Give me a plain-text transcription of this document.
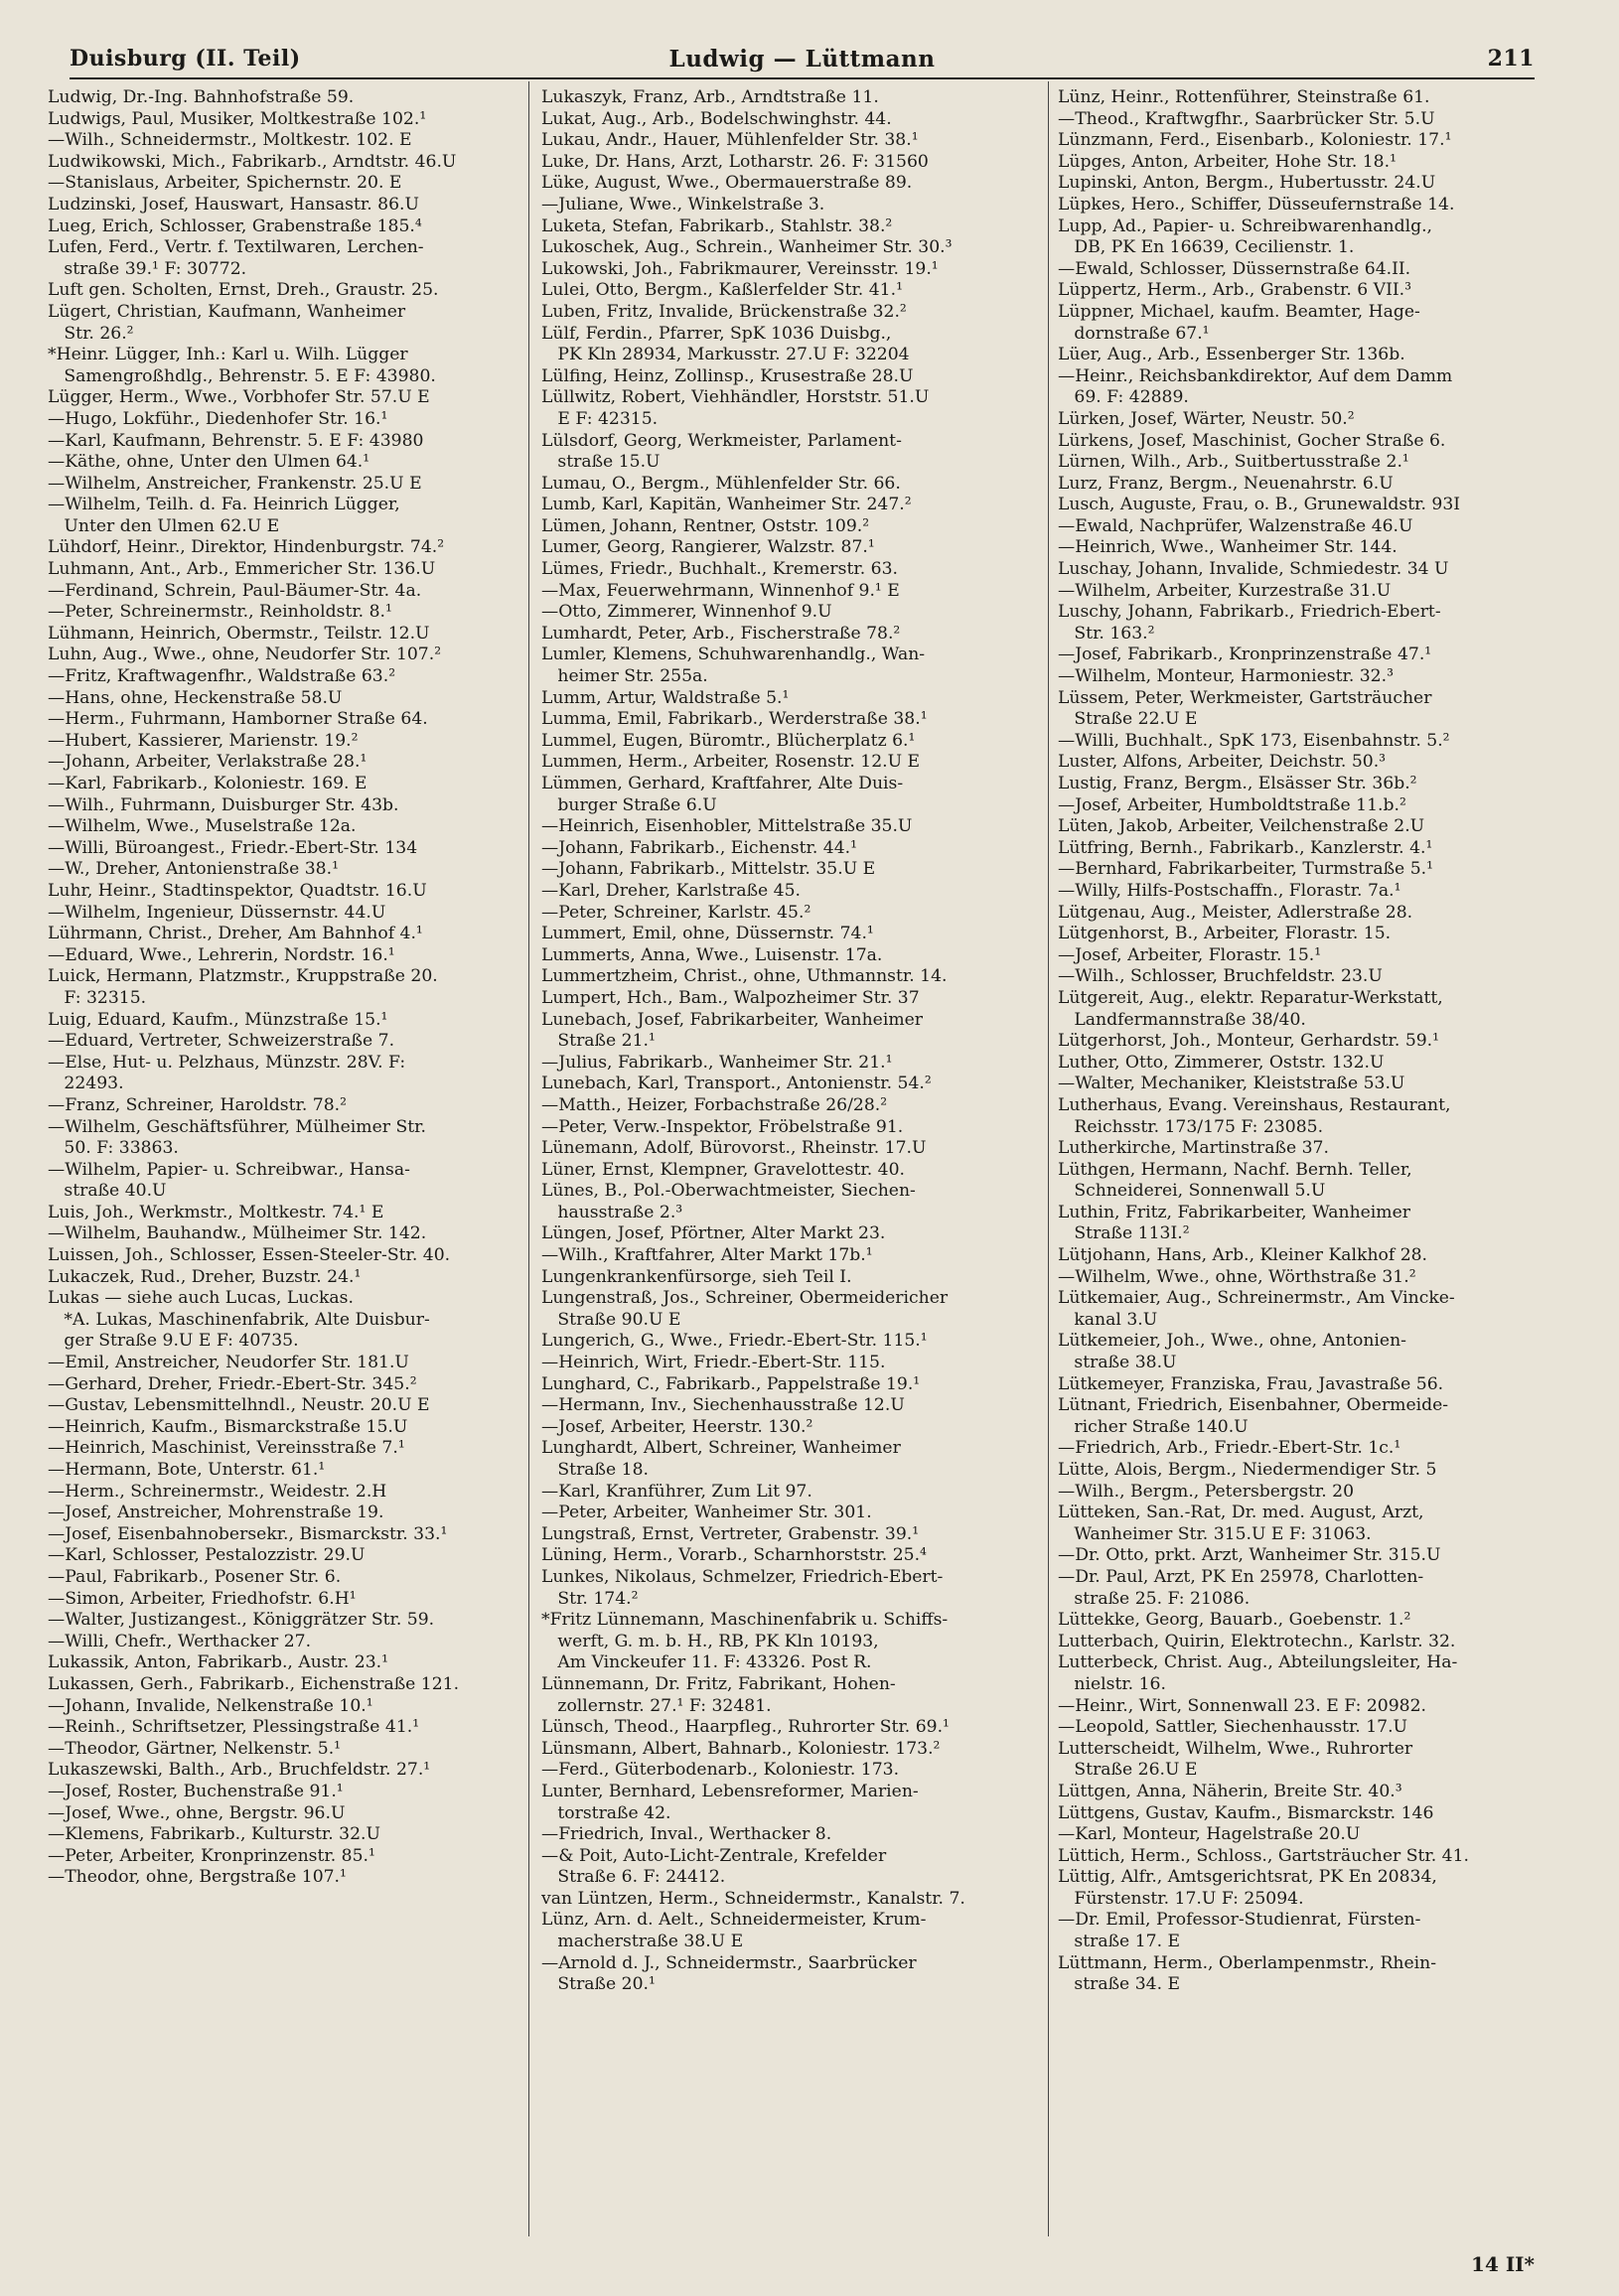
Duisburg (II. Teil)	Ludwig — Lüttmann	211
Ludwig, Dr.-Ing. Bahnhofstraße 59.
Ludwigs, Paul, Musiker, Moltkestraße 102.¹
—Wilh., Schneidermstr., Moltkestr. 102. E
Ludwikowski, Mich., Fabrikarb., Arndtstr. 46.U
—Stanislaus, Arbeiter, Spichernstr. 20. E
Ludzinski, Josef, Hauswart, Hansastr. 86.U
Lueg, Erich, Schlosser, Grabenstraße 185.⁴
Lufen, Ferd., Vertr. f. Textilwaren, Lerchen-
straße 39.¹ F: 30772.
Luft gen. Scholten, Ernst, Dreh., Graustr. 25.
Lügert, Christian, Kaufmann, Wanheimer
Str. 26.²
*Heinr. Lügger, Inh.: Karl u. Wilh. Lügger
Samengroßhdlg., Behrenstr. 5. E F: 43980.
Lügger, Herm., Wwe., Vorbhofer Str. 57.U E
—Hugo, Lokführ., Diedenhofer Str. 16.¹
—Karl, Kaufmann, Behrenstr. 5. E F: 43980
—Käthe, ohne, Unter den Ulmen 64.¹
—Wilhelm, Anstreicher, Frankenstr. 25.U E
—Wilhelm, Teilh. d. Fa. Heinrich Lügger,
Unter den Ulmen 62.U E
Lühdorf, Heinr., Direktor, Hindenburgstr. 74.²
Luhmann, Ant., Arb., Emmericher Str. 136.U
—Ferdinand, Schrein, Paul-Bäumer-Str. 4a.
—Peter, Schreinermstr., Reinholdstr. 8.¹
Lühmann, Heinrich, Obermstr., Teilstr. 12.U
Luhn, Aug., Wwe., ohne, Neudorfer Str. 107.²
—Fritz, Kraftwagenfhr., Waldstraße 63.²
—Hans, ohne, Heckenstraße 58.U
—Herm., Fuhrmann, Hamborner Straße 64.
—Hubert, Kassierer, Marienstr. 19.²
—Johann, Arbeiter, Verlakstraße 28.¹
—Karl, Fabrikarb., Koloniestr. 169. E
—Wilh., Fuhrmann, Duisburger Str. 43b.
—Wilhelm, Wwe., Muselstraße 12a.
—Willi, Büroangest., Friedr.-Ebert-Str. 134
—W., Dreher, Antonienstraße 38.¹
Luhr, Heinr., Stadtinspektor, Quadtstr. 16.U
—Wilhelm, Ingenieur, Düssernstr. 44.U
Lührmann, Christ., Dreher, Am Bahnhof 4.¹
—Eduard, Wwe., Lehrerin, Nordstr. 16.¹
Luick, Hermann, Platzmstr., Kruppstraße 20.
F: 32315.
Luig, Eduard, Kaufm., Münzstraße 15.¹
—Eduard, Vertreter, Schweizerstraße 7.
—Else, Hut- u. Pelzhaus, Münzstr. 28V. F:
22493.
—Franz, Schreiner, Haroldstr. 78.²
—Wilhelm, Geschäftsführer, Mülheimer Str.
50. F: 33863.
—Wilhelm, Papier- u. Schreibwar., Hansa-
straße 40.U
Luis, Joh., Werkmstr., Moltkestr. 74.¹ E
—Wilhelm, Bauhandw., Mülheimer Str. 142.
Luissen, Joh., Schlosser, Essen-Steeler-Str. 40.
Lukaczek, Rud., Dreher, Buzstr. 24.¹
Lukas — siehe auch Lucas, Luckas.
*A. Lukas, Maschinenfabrik, Alte Duisbur-
ger Straße 9.U E F: 40735.
—Emil, Anstreicher, Neudorfer Str. 181.U
—Gerhard, Dreher, Friedr.-Ebert-Str. 345.²
—Gustav, Lebensmittelhndl., Neustr. 20.U E
—Heinrich, Kaufm., Bismarckstraße 15.U
—Heinrich, Maschinist, Vereinsstraße 7.¹
—Hermann, Bote, Unterstr. 61.¹
—Herm., Schreinermstr., Weidestr. 2.H
—Josef, Anstreicher, Mohrenstraße 19.
—Josef, Eisenbahnobersekr., Bismarckstr. 33.¹
—Karl, Schlosser, Pestalozzistr. 29.U
—Paul, Fabrikarb., Posener Str. 6.
—Simon, Arbeiter, Friedhofstr. 6.H¹
—Walter, Justizangest., Königgrätzer Str. 59.
—Willi, Chefr., Werthacker 27.
Lukassik, Anton, Fabrikarb., Austr. 23.¹
Lukassen, Gerh., Fabrikarb., Eichenstraße 121.
—Johann, Invalide, Nelkenstraße 10.¹
—Reinh., Schriftsetzer, Plessingstraße 41.¹
—Theodor, Gärtner, Nelkenstr. 5.¹
Lukaszewski, Balth., Arb., Bruchfeldstr. 27.¹
—Josef, Roster, Buchenstraße 91.¹
—Josef, Wwe., ohne, Bergstr. 96.U
—Klemens, Fabrikarb., Kulturstr. 32.U
—Peter, Arbeiter, Kronprinzenstr. 85.¹
—Theodor, ohne, Bergstraße 107.¹
Lukaszyk, Franz, Arb., Arndtstraße 11.
Lukat, Aug., Arb., Bodelschwinghstr. 44.
Lukau, Andr., Hauer, Mühlenfelder Str. 38.¹
Luke, Dr. Hans, Arzt, Lotharstr. 26. F: 31560
Lüke, August, Wwe., Obermauerstraße 89.
—Juliane, Wwe., Winkelstraße 3.
Luketa, Stefan, Fabrikarb., Stahlstr. 38.²
Lukoschek, Aug., Schrein., Wanheimer Str. 30.³
Lukowski, Joh., Fabrikmaurer, Vereinsstr. 19.¹
Lulei, Otto, Bergm., Kaßlerfelder Str. 41.¹
Luben, Fritz, Invalide, Brückenstraße 32.²
Lülf, Ferdin., Pfarrer, SpK 1036 Duisbg.,
PK Kln 28934, Markusstr. 27.U F: 32204
Lülfing, Heinz, Zollinsp., Krusestraße 28.U
Lüllwitz, Robert, Viehhändler, Horststr. 51.U
E F: 42315.
Lülsdorf, Georg, Werkmeister, Parlament-
straße 15.U
Lumau, O., Bergm., Mühlenfelder Str. 66.
Lumb, Karl, Kapitän, Wanheimer Str. 247.²
Lümen, Johann, Rentner, Oststr. 109.²
Lumer, Georg, Rangierer, Walzstr. 87.¹
Lümes, Friedr., Buchhalt., Kremerstr. 63.
—Max, Feuerwehrmann, Winnenhof 9.¹ E
—Otto, Zimmerer, Winnenhof 9.U
Lumhardt, Peter, Arb., Fischerstraße 78.²
Lumler, Klemens, Schuhwarenhandlg., Wan-
heimer Str. 255a.
Lumm, Artur, Waldstraße 5.¹
Lumma, Emil, Fabrikarb., Werderstraße 38.¹
Lummel, Eugen, Büromtr., Blücherplatz 6.¹
Lummen, Herm., Arbeiter, Rosenstr. 12.U E
Lümmen, Gerhard, Kraftfahrer, Alte Duis-
burger Straße 6.U
—Heinrich, Eisenhobler, Mittelstraße 35.U
—Johann, Fabrikarb., Eichenstr. 44.¹
—Johann, Fabrikarb., Mittelstr. 35.U E
—Karl, Dreher, Karlstraße 45.
—Peter, Schreiner, Karlstr. 45.²
Lummert, Emil, ohne, Düssernstr. 74.¹
Lummerts, Anna, Wwe., Luisenstr. 17a.
Lummertzheim, Christ., ohne, Uthmannstr. 14.
Lumpert, Hch., Bam., Walpozheimer Str. 37
Lunebach, Josef, Fabrikarbeiter, Wanheimer
Straße 21.¹
—Julius, Fabrikarb., Wanheimer Str. 21.¹
Lunebach, Karl, Transport., Antonienstr. 54.²
—Matth., Heizer, Forbachstraße 26/28.²
—Peter, Verw.-Inspektor, Fröbelstraße 91.
Lünemann, Adolf, Bürovorst., Rheinstr. 17.U
Lüner, Ernst, Klempner, Gravelottestr. 40.
Lünes, B., Pol.-Oberwachtmeister, Siechen-
hausstraße 2.³
Lüngen, Josef, Pförtner, Alter Markt 23.
—Wilh., Kraftfahrer, Alter Markt 17b.¹
Lungenkrankenfürsorge, sieh Teil I.
Lungenstraß, Jos., Schreiner, Obermeidericher
Straße 90.U E
Lungerich, G., Wwe., Friedr.-Ebert-Str. 115.¹
—Heinrich, Wirt, Friedr.-Ebert-Str. 115.
Lunghard, C., Fabrikarb., Pappelstraße 19.¹
—Hermann, Inv., Siechenhausstraße 12.U
—Josef, Arbeiter, Heerstr. 130.²
Lunghardt, Albert, Schreiner, Wanheimer
Straße 18.
—Karl, Kranführer, Zum Lit 97.
—Peter, Arbeiter, Wanheimer Str. 301.
Lungstraß, Ernst, Vertreter, Grabenstr. 39.¹
Lüning, Herm., Vorarb., Scharnhorststr. 25.⁴
Lunkes, Nikolaus, Schmelzer, Friedrich-Ebert-
Str. 174.²
*Fritz Lünnemann, Maschinenfabrik u. Schiffs-
werft, G. m. b. H., RB, PK Kln 10193,
Am Vinckeufer 11. F: 43326. Post R.
Lünnemann, Dr. Fritz, Fabrikant, Hohen-
zollernstr. 27.¹ F: 32481.
Lünsch, Theod., Haarpfleg., Ruhrorter Str. 69.¹
Lünsmann, Albert, Bahnarb., Koloniestr. 173.²
—Ferd., Güterbodenarb., Koloniestr. 173.
Lunter, Bernhard, Lebensreformer, Marien-
torstraße 42.
—Friedrich, Inval., Werthacker 8.
—& Poit, Auto-Licht-Zentrale, Krefelder
Straße 6. F: 24412.
van Lüntzen, Herm., Schneidermstr., Kanalstr. 7.
Lünz, Arn. d. Aelt., Schneidermeister, Krum-
macherstraße 38.U E
—Arnold d. J., Schneidermstr., Saarbrücker
Straße 20.¹
Lünz, Heinr., Rottenführer, Steinstraße 61.
—Theod., Kraftwgfhr., Saarbrücker Str. 5.U
Lünzmann, Ferd., Eisenbarb., Koloniestr. 17.¹
Lüpges, Anton, Arbeiter, Hohe Str. 18.¹
Lupinski, Anton, Bergm., Hubertusstr. 24.U
Lüpkes, Hero., Schiffer, Düsseufernstraße 14.
Lupp, Ad., Papier- u. Schreibwarenhandlg.,
DB, PK En 16639, Cecilienstr. 1.
—Ewald, Schlosser, Düssernstraße 64.II.
Lüppertz, Herm., Arb., Grabenstr. 6 VII.³
Lüppner, Michael, kaufm. Beamter, Hage-
dornstraße 67.¹
Lüer, Aug., Arb., Essenberger Str. 136b.
—Heinr., Reichsbankdirektor, Auf dem Damm
69. F: 42889.
Lürken, Josef, Wärter, Neustr. 50.²
Lürkens, Josef, Maschinist, Gocher Straße 6.
Lürnen, Wilh., Arb., Suitbertusstraße 2.¹
Lurz, Franz, Bergm., Neuenahrstr. 6.U
Lusch, Auguste, Frau, o. B., Grunewaldstr. 93I
—Ewald, Nachprüfer, Walzenstraße 46.U
—Heinrich, Wwe., Wanheimer Str. 144.
Luschay, Johann, Invalide, Schmiedestr. 34 U
—Wilhelm, Arbeiter, Kurzestraße 31.U
Luschy, Johann, Fabrikarb., Friedrich-Ebert-
Str. 163.²
—Josef, Fabrikarb., Kronprinzenstraße 47.¹
—Wilhelm, Monteur, Harmoniestr. 32.³
Lüssem, Peter, Werkmeister, Gartsträucher
Straße 22.U E
—Willi, Buchhalt., SpK 173, Eisenbahnstr. 5.²
Luster, Alfons, Arbeiter, Deichstr. 50.³
Lustig, Franz, Bergm., Elsässer Str. 36b.²
—Josef, Arbeiter, Humboldtstraße 11.b.²
Lüten, Jakob, Arbeiter, Veilchenstraße 2.U
Lütfring, Bernh., Fabrikarb., Kanzlerstr. 4.¹
—Bernhard, Fabrikarbeiter, Turmstraße 5.¹
—Willy, Hilfs-Postschaffn., Florastr. 7a.¹
Lütgenau, Aug., Meister, Adlerstraße 28.
Lütgenhorst, B., Arbeiter, Florastr. 15.
—Josef, Arbeiter, Florastr. 15.¹
—Wilh., Schlosser, Bruchfeldstr. 23.U
Lütgereit, Aug., elektr. Reparatur-Werkstatt,
Landfermannstraße 38/40.
Lütgerhorst, Joh., Monteur, Gerhardstr. 59.¹
Luther, Otto, Zimmerer, Oststr. 132.U
—Walter, Mechaniker, Kleiststraße 53.U
Lutherhaus, Evang. Vereinshaus, Restaurant,
Reichsstr. 173/175 F: 23085.
Lutherkirche, Martinstraße 37.
Lüthgen, Hermann, Nachf. Bernh. Teller,
Schneiderei, Sonnenwall 5.U
Luthin, Fritz, Fabrikarbeiter, Wanheimer
Straße 113I.²
Lütjohann, Hans, Arb., Kleiner Kalkhof 28.
—Wilhelm, Wwe., ohne, Wörthstraße 31.²
Lütkemaier, Aug., Schreinermstr., Am Vincke-
kanal 3.U
Lütkemeier, Joh., Wwe., ohne, Antonien-
straße 38.U
Lütkemeyer, Franziska, Frau, Javastraße 56.
Lütnant, Friedrich, Eisenbahner, Obermeide-
richer Straße 140.U
—Friedrich, Arb., Friedr.-Ebert-Str. 1c.¹
Lütte, Alois, Bergm., Niedermendiger Str. 5
—Wilh., Bergm., Petersbergstr. 20
Lütteken, San.-Rat, Dr. med. August, Arzt,
Wanheimer Str. 315.U E F: 31063.
—Dr. Otto, prkt. Arzt, Wanheimer Str. 315.U
—Dr. Paul, Arzt, PK En 25978, Charlotten-
straße 25. F: 21086.
Lüttekke, Georg, Bauarb., Goebenstr. 1.²
Lutterbach, Quirin, Elektrotechn., Karlstr. 32.
Lutterbeck, Christ. Aug., Abteilungsleiter, Ha-
nielstr. 16.
—Heinr., Wirt, Sonnenwall 23. E F: 20982.
—Leopold, Sattler, Siechenhausstr. 17.U
Lutterscheidt, Wilhelm, Wwe., Ruhrorter
Straße 26.U E
Lüttgen, Anna, Näherin, Breite Str. 40.³
Lüttgens, Gustav, Kaufm., Bismarckstr. 146
—Karl, Monteur, Hagelstraße 20.U
Lüttich, Herm., Schloss., Gartsträucher Str. 41.
Lüttig, Alfr., Amtsgerichtsrat, PK En 20834,
Fürstenstr. 17.U F: 25094.
—Dr. Emil, Professor-Studienrat, Fürsten-
straße 17. E
Lüttmann, Herm., Oberlampenmstr., Rhein-
straße 34. E
14 II*
